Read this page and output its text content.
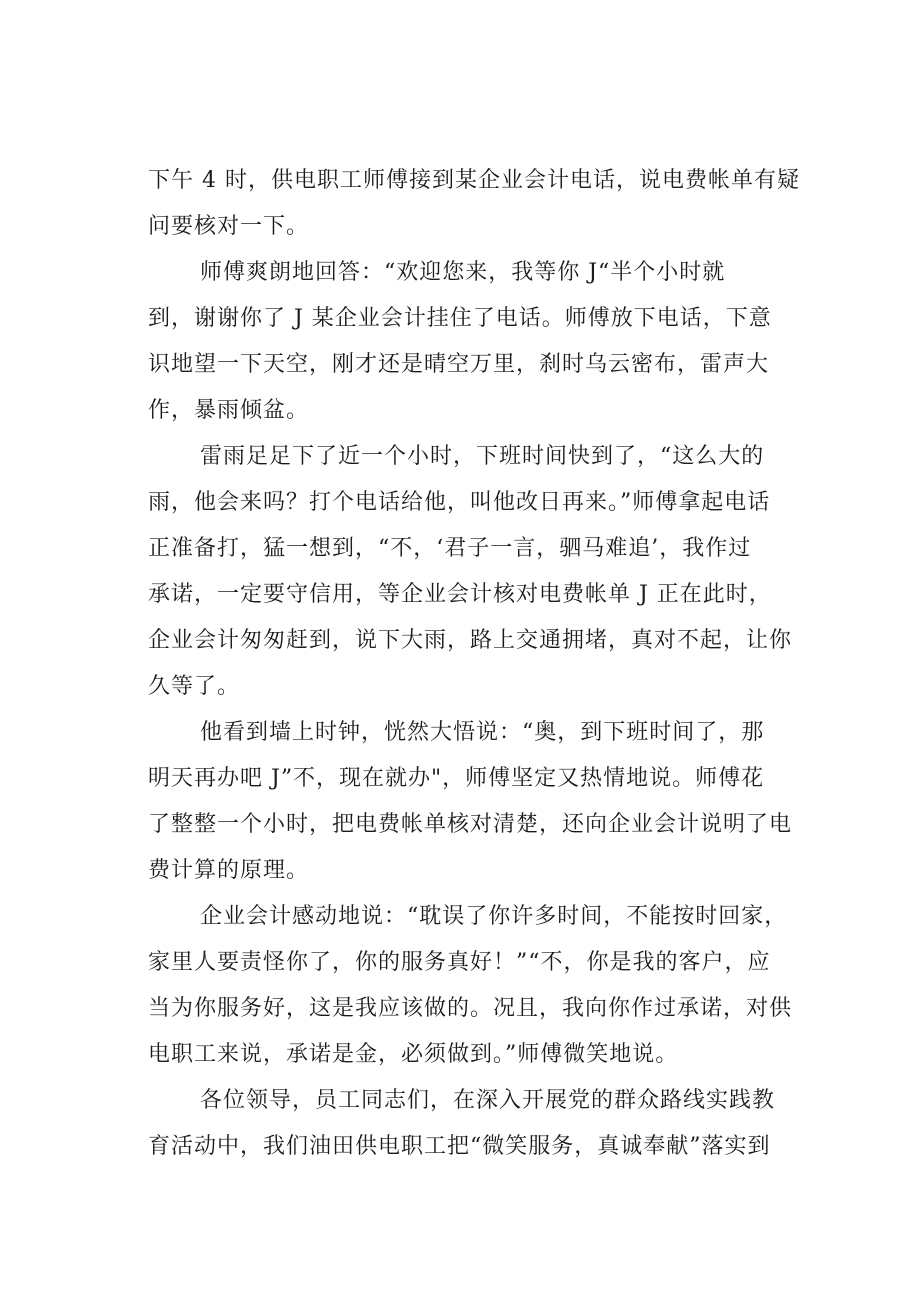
下午 4 时，供电职工师傅接到某企业会计电话，说电费帐单有疑
问要核对一下。

师傅爽朗地回答：“欢迎您来，我等你 J“半个小时就
到，谢谢你了 J 某企业会计挂住了电话。师傅放下电话，下意
识地望一下天空，刚才还是晴空万里，刹时乌云密布，雷声大
作，暴雨倾盆。

雷雨足足下了近一个小时，下班时间快到了，“这么大的
雨，他会来吗？打个电话给他，叫他改日再来。”师傅拿起电话
正准备打，猛一想到，“不，‘君子一言，驷马难追’，我作过
承诺，一定要守信用，等企业会计核对电费帐单 J 正在此时，
企业会计匆匆赶到，说下大雨，路上交通拥堵，真对不起，让你
久等了。

他看到墙上时钟，恍然大悟说：“奥，到下班时间了，那
明天再办吧 J”不，现在就办"，师傅坚定又热情地说。师傅花
了整整一个小时，把电费帐单核对清楚，还向企业会计说明了电
费计算的原理。

企业会计感动地说：“耽误了你许多时间，不能按时回家，
家里人要责怪你了，你的服务真好！”“不，你是我的客户，应
当为你服务好，这是我应该做的。况且，我向你作过承诺，对供
电职工来说，承诺是金，必须做到。”师傅微笑地说。

各位领导，员工同志们，在深入开展党的群众路线实践教
育活动中，我们油田供电职工把“微笑服务，真诚奉献”落实到
